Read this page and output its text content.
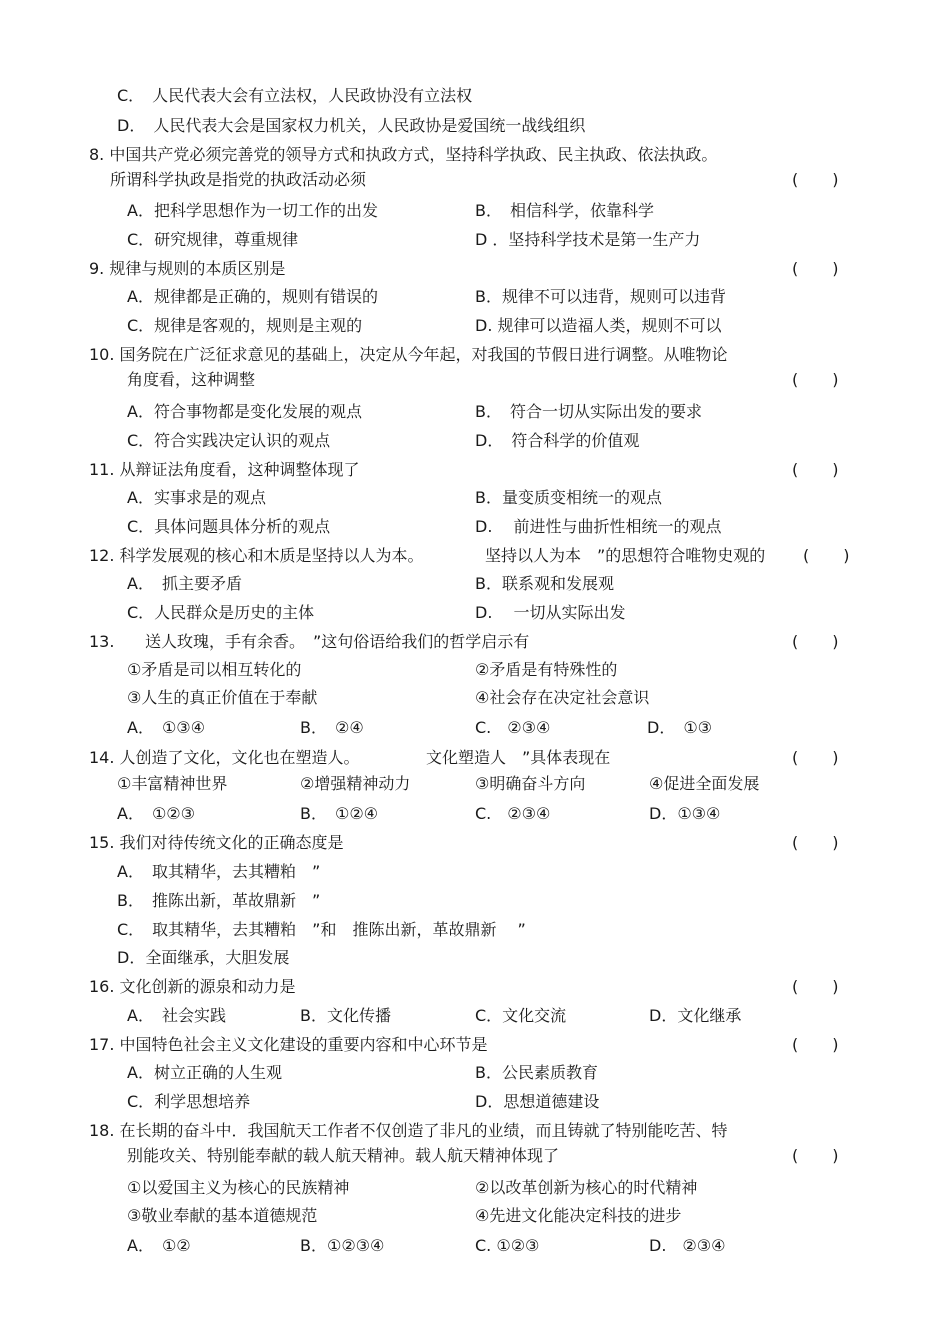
C．　人民代表大会有立法权，人民政协没有立法权
D．　人民代表大会是国家权力机关，人民政协是爱国统一战线组织
8. 中国共产党必须完善党的领导方式和执政方式，坚持科学执政、民主执政、依法执政。
所谓科学执政是指党的执政活动必须	( )
A．把科学思想作为一切工作的出发	B．　相信科学，依靠科学
C．研究规律，尊重规律	D ．坚持科学技术是第一生产力
9. 规律与规则的本质区别是	( )
A．规律都是正确的，规则有错误的	B．规律不可以违背，规则可以违背
C．规律是客观的，规则是主观的	D. 规律可以造福人类，规则不可以
10. 国务院在广泛征求意见的基础上，决定从今年起，对我国的节假日进行调整。从唯物论
角度看，这种调整	( )
A．符合事物都是变化发展的观点	B．　符合一切从实际出发的要求
C．符合实践决定认识的观点	D．　符合科学的价值观
11. 从辩证法角度看，这种调整体现了	( )
A．实事求是的观点	B．量变质变相统一的观点
C．具体问题具体分析的观点	D.　 前进性与曲折性相统一的观点
12. 科学发展观的核心和木质是坚持以人为本。	坚持以人为本　”的思想符合唯物史观的 ( )
A．　抓主要矛盾	B．联系观和发展观
C．人民群众是历史的主体	D.　 一切从实际出发
13.　　
送人玫瑰，手有余香。　”这句俗语给我们的哲学启示有	( )
①矛盾是司以相互转化的	②矛盾是有特殊性的
③人生的真正价值在于奉献	④社会存在决定社会意识
A．　①③④	B．　②④	C.　②③④	D．　①③
14. 人创造了文化，文化也在塑造人。	文化塑造人　”具体表现在	( )
①丰富精神世界	②增强精神动力	③明确奋斗方向	④促进全面发展
A．　①②③	B．　①②④	C.　②③④	D．①③④
15. 我们对待传统文化的正确态度是	( )
A．　取其精华，去其糟粕　”
B．　推陈出新，革故鼎新　”
C．　取其精华，去其糟粕　”和　推陈出新，革故鼎新　 ”
D．全面继承，大胆发展
16. 文化创新的源泉和动力是	( )
A．　社会实践	B．文化传播	C．文化交流	D．文化继承
17. 中国特色社会主义文化建设的重要内容和中心环节是	( )
A．树立正确的人生观	B．公民素质教育
C．利学思想培养	D．思想道德建设
18. 在长期的奋斗中．我国航天工作者不仅创造了非凡的业绩，而且铸就了特别能吃苦、特
别能攻关、特别能奉献的载人航天精神。载人航天精神体现了	( )
①以爱国主义为核心的民族精神	②以改革创新为核心的时代精神
③敬业奉献的基本道德规范	④先进文化能决定科技的进步
A．　①②	B．①②③④	C. ①②③	D.　②③④
